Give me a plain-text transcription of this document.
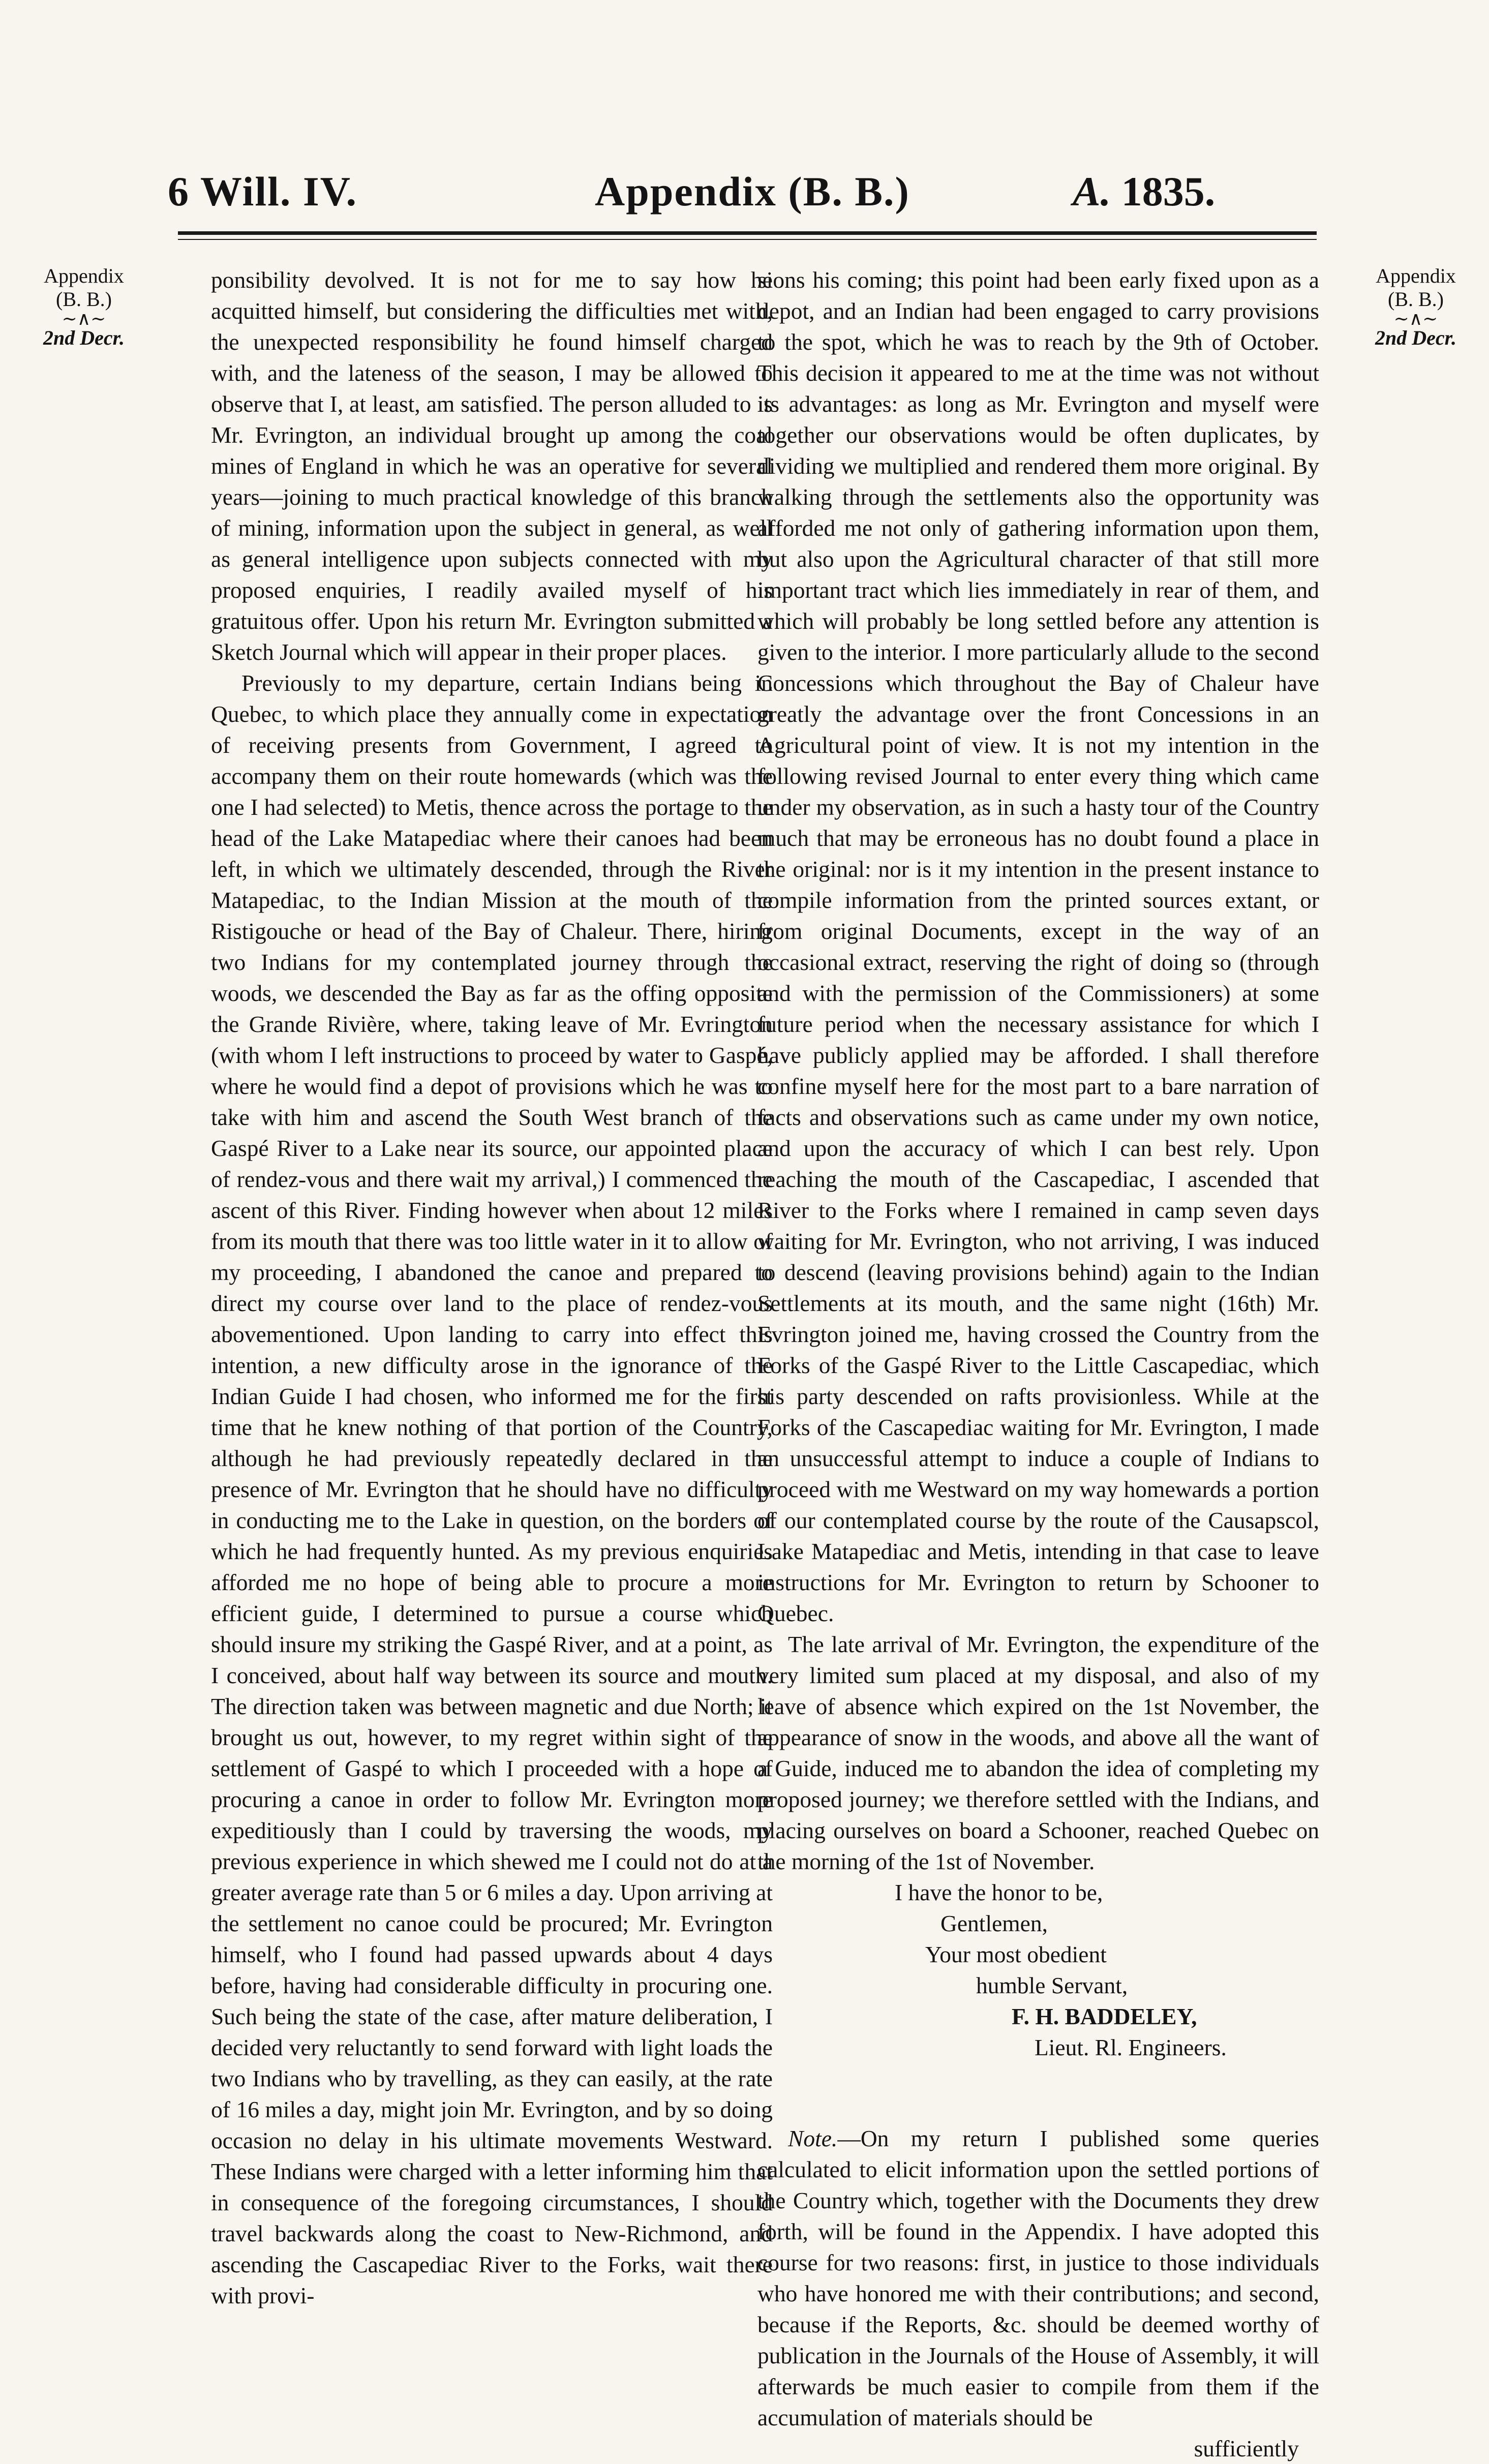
6 Will. IV.	Appendix (B. B.)	A. 1835.
Appendix
(B. B.)
∼∧∼
2nd Decr.
Appendix
(B. B.)
∼∧∼
2nd Decr.

ponsibility devolved. It is not for me to say how he acquitted himself, but considering the difficulties met with, the unexpected responsibility he found himself charged with, and the lateness of the season, I may be allowed to observe that I, at least, am satisfied. The person alluded to is Mr. Evrington, an individual brought up among the coal mines of England in which he was an operative for several years—joining to much practical knowledge of this branch of mining, information upon the subject in general, as well as general intelligence upon subjects connected with my proposed enquiries, I readily availed myself of his gratuitous offer. Upon his return Mr. Evrington submitted a Sketch Journal which will appear in their proper places.

Previously to my departure, certain Indians being in Quebec, to which place they annually come in expectation of receiving presents from Government, I agreed to accompany them on their route homewards (which was the one I had selected) to Metis, thence across the portage to the head of the Lake Matapediac where their canoes had been left, in which we ultimately descended, through the River Matapediac, to the Indian Mission at the mouth of the Ristigouche or head of the Bay of Chaleur. There, hiring two Indians for my contemplated journey through the woods, we descended the Bay as far as the offing opposite the Grande Rivière, where, taking leave of Mr. Evrington (with whom I left instructions to proceed by water to Gaspé, where he would find a depot of provisions which he was to take with him and ascend the South West branch of the Gaspé River to a Lake near its source, our appointed place of rendez-vous and there wait my arrival,) I commenced the ascent of this River. Finding however when about 12 miles from its mouth that there was too little water in it to allow of my proceeding, I abandoned the canoe and prepared to direct my course over land to the place of rendez-vous abovementioned. Upon landing to carry into effect this intention, a new difficulty arose in the ignorance of the Indian Guide I had chosen, who informed me for the first time that he knew nothing of that portion of the Country, although he had previously repeatedly declared in the presence of Mr. Evrington that he should have no difficulty in conducting me to the Lake in question, on the borders of which he had frequently hunted. As my previous enquiries afforded me no hope of being able to procure a more efficient guide, I determined to pursue a course which should insure my striking the Gaspé River, and at a point, as I conceived, about half way between its source and mouth. The direction taken was between magnetic and due North; it brought us out, however, to my regret within sight of the settlement of Gaspé to which I proceeded with a hope of procuring a canoe in order to follow Mr. Evrington more expeditiously than I could by traversing the woods, my previous experience in which shewed me I could not do at a greater average rate than 5 or 6 miles a day. Upon arriving at the settlement no canoe could be procured; Mr. Evrington himself, who I found had passed upwards about 4 days before, having had considerable difficulty in procuring one. Such being the state of the case, after mature deliberation, I decided very reluctantly to send forward with light loads the two Indians who by travelling, as they can easily, at the rate of 16 miles a day, might join Mr. Evrington, and by so doing occasion no delay in his ultimate movements Westward. These Indians were charged with a letter informing him that in consequence of the foregoing circumstances, I should travel backwards along the coast to New-Richmond, and ascending the Cascapediac River to the Forks, wait there with provi-

sions his coming; this point had been early fixed upon as a depot, and an Indian had been engaged to carry provisions to the spot, which he was to reach by the 9th of October. This decision it appeared to me at the time was not without its advantages: as long as Mr. Evrington and myself were together our observations would be often duplicates, by dividing we multiplied and rendered them more original. By walking through the settlements also the opportunity was afforded me not only of gathering information upon them, but also upon the Agricultural character of that still more important tract which lies immediately in rear of them, and which will probably be long settled before any attention is given to the interior. I more particularly allude to the second Concessions which throughout the Bay of Chaleur have greatly the advantage over the front Concessions in an Agricultural point of view. It is not my intention in the following revised Journal to enter every thing which came under my observation, as in such a hasty tour of the Country much that may be erroneous has no doubt found a place in the original: nor is it my intention in the present instance to compile information from the printed sources extant, or from original Documents, except in the way of an occasional extract, reserving the right of doing so (through and with the permission of the Commissioners) at some future period when the necessary assistance for which I have publicly applied may be afforded. I shall therefore confine myself here for the most part to a bare narration of facts and observations such as came under my own notice, and upon the accuracy of which I can best rely. Upon reaching the mouth of the Cascapediac, I ascended that River to the Forks where I remained in camp seven days waiting for Mr. Evrington, who not arriving, I was induced to descend (leaving provisions behind) again to the Indian Settlements at its mouth, and the same night (16th) Mr. Evrington joined me, having crossed the Country from the Forks of the Gaspé River to the Little Cascapediac, which his party descended on rafts provisionless. While at the Forks of the Cascapediac waiting for Mr. Evrington, I made an unsuccessful attempt to induce a couple of Indians to proceed with me Westward on my way homewards a portion of our contemplated course by the route of the Causapscol, Lake Matapediac and Metis, intending in that case to leave instructions for Mr. Evrington to return by Schooner to Quebec.

The late arrival of Mr. Evrington, the expenditure of the very limited sum placed at my disposal, and also of my leave of absence which expired on the 1st November, the appearance of snow in the woods, and above all the want of a Guide, induced me to abandon the idea of completing my proposed journey; we therefore settled with the Indians, and placing ourselves on board a Schooner, reached Quebec on the morning of the 1st of November.

I have the honor to be,
Gentlemen,
Your most obedient
humble Servant,
F. H. BADDELEY,
Lieut. Rl. Engineers.

Note.—On my return I published some queries calculated to elicit information upon the settled portions of the Country which, together with the Documents they drew forth, will be found in the Appendix. I have adopted this course for two reasons: first, in justice to those individuals who have honored me with their contributions; and second, because if the Reports, &c. should be deemed worthy of publication in the Journals of the House of Assembly, it will afterwards be much easier to compile from them if the accumulation of materials should be

sufficiently
